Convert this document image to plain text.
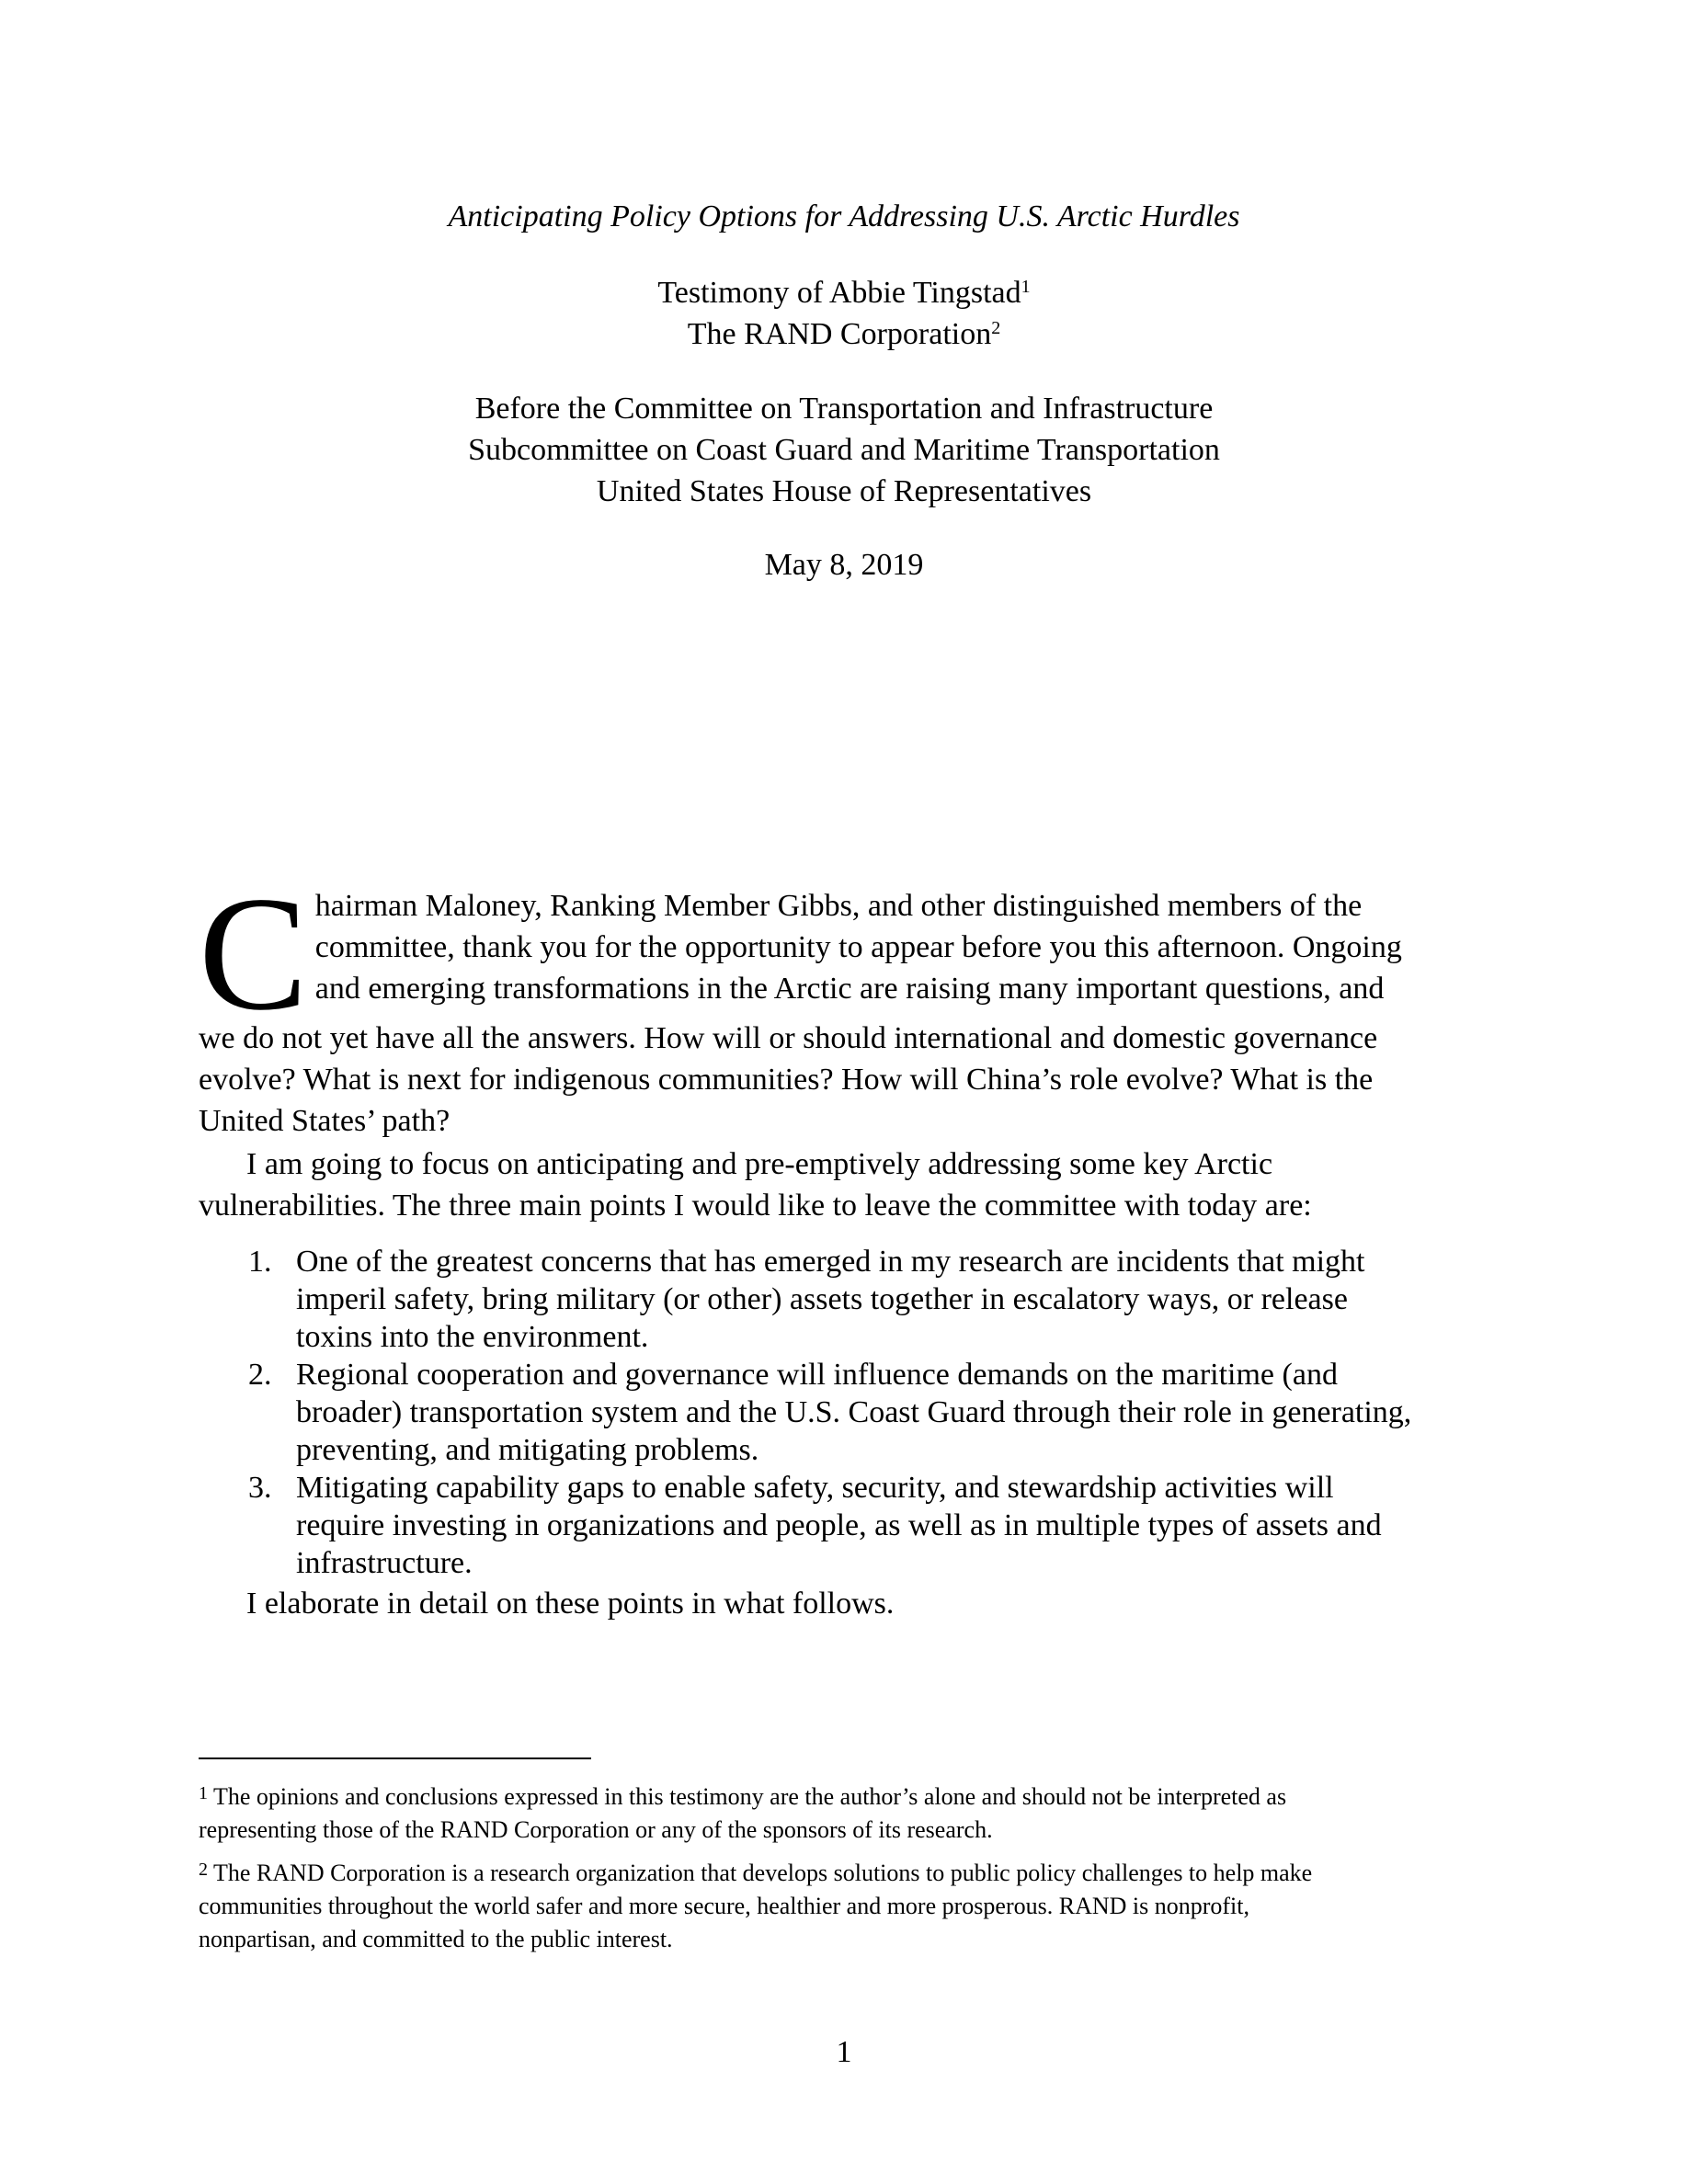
Anticipating Policy Options for Addressing U.S. Arctic Hurdles
Testimony of Abbie Tingstad$^1$
The RAND Corporation$^2$
Before the Committee on Transportation and Infrastructure
Subcommittee on Coast Guard and Maritime Transportation
United States House of Representatives
May 8, 2019
C hairman Maloney, Ranking Member Gibbs, and other distinguished members of the
committee, thank you for the opportunity to appear before you this afternoon. Ongoing
and emerging transformations in the Arctic are raising many important questions, and
we do not yet have all the answers. How will or should international and domestic governance
evolve? What is next for indigenous communities? How will China’s role evolve? What is the
United States’ path?
I am going to focus on anticipating and pre-emptively addressing some key Arctic
vulnerabilities. The three main points I would like to leave the committee with today are:
1. One of the greatest concerns that has emerged in my research are incidents that might
imperil safety, bring military (or other) assets together in escalatory ways, or release
toxins into the environment.
2. Regional cooperation and governance will influence demands on the maritime (and
broader) transportation system and the U.S. Coast Guard through their role in generating,
preventing, and mitigating problems.
3. Mitigating capability gaps to enable safety, security, and stewardship activities will
require investing in organizations and people, as well as in multiple types of assets and
infrastructure.
I elaborate in detail on these points in what follows.
$^1$ The opinions and conclusions expressed in this testimony are the author’s alone and should not be interpreted as
representing those of the RAND Corporation or any of the sponsors of its research.
$^2$ The RAND Corporation is a research organization that develops solutions to public policy challenges to help make
communities throughout the world safer and more secure, healthier and more prosperous. RAND is nonprofit,
nonpartisan, and committed to the public interest.
1
